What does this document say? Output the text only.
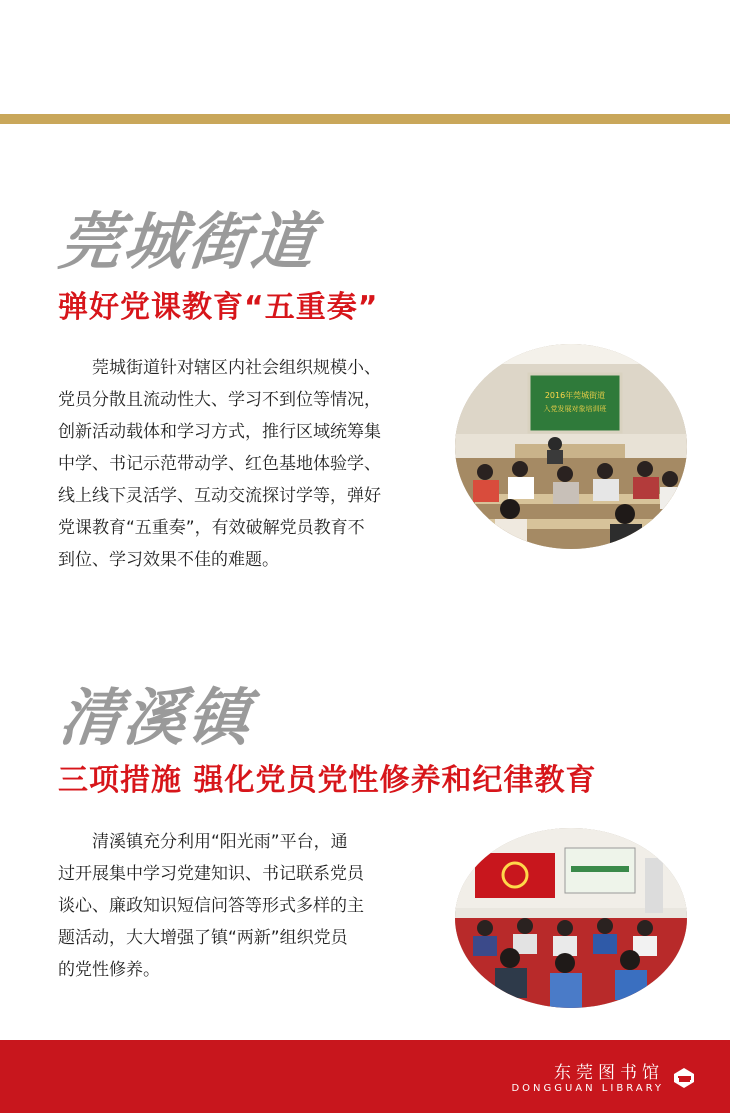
莞城街道
弹好党课教育“五重奏”
　　莞城街道针对辖区内社会组织规模小、
党员分散且流动性大、学习不到位等情况，
创新活动载体和学习方式，推行区域统筹集
中学、书记示范带动学、红色基地体验学、
线上线下灵活学、互动交流探讨学等，弹好
党课教育“五重奏”，有效破解党员教育不
到位、学习效果不佳的难题。
2016年莞城街道
入党发展对象培训班
清溪镇
三项措施 强化党员党性修养和纪律教育
　　清溪镇充分利用“阳光雨”平台，通
过开展集中学习党建知识、书记联系党员
谈心、廉政知识短信问答等形式多样的主
题活动，大大增强了镇“两新”组织党员
的党性修养。
东莞图书馆
DONGGUAN LIBRARY
